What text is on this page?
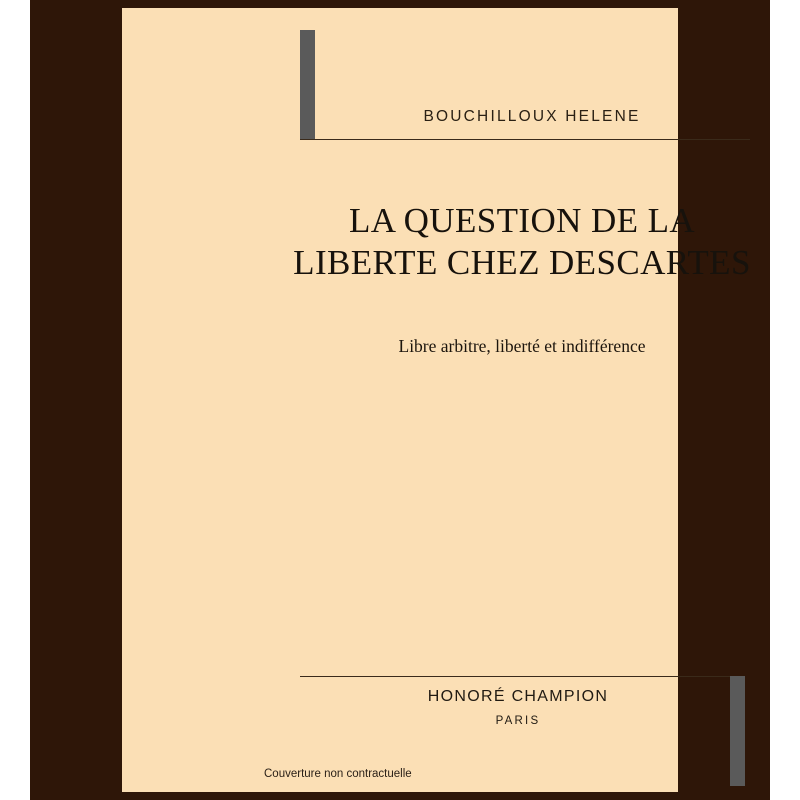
BOUCHILLOUX HELENE
LA QUESTION DE LA
LIBERTE CHEZ DESCARTES
Libre arbitre, liberté et indifférence
HONORÉ CHAMPION
PARIS
Couverture non contractuelle
